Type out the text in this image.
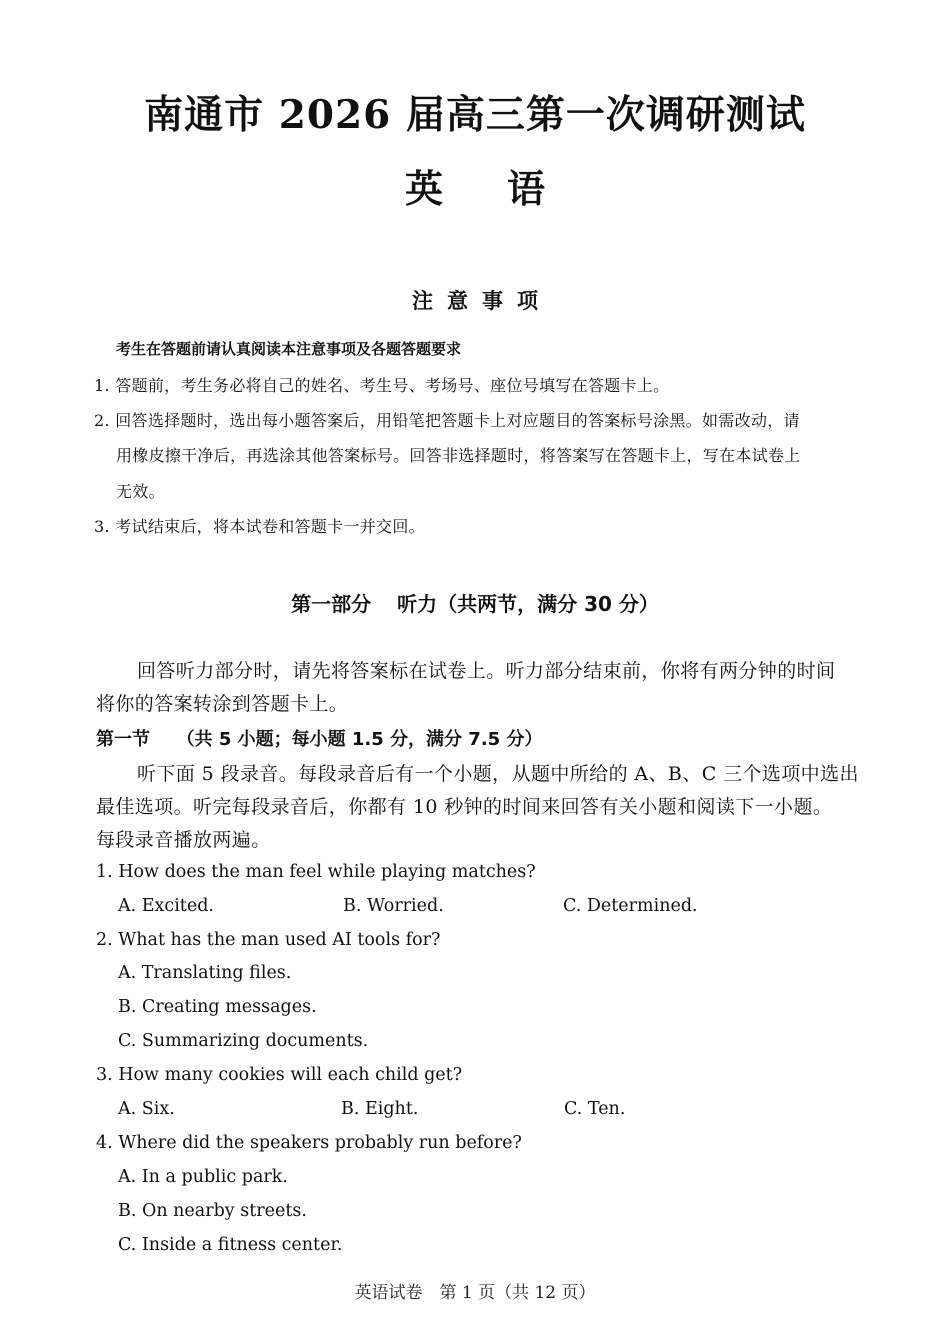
南通市 2026 届高三第一次调研测试
英语
注意事项
考生在答题前请认真阅读本注意事项及各题答题要求
1. 答题前，考生务必将自己的姓名、考生号、考场号、座位号填写在答题卡上。
2. 回答选择题时，选出每小题答案后，用铅笔把答题卡上对应题目的答案标号涂黑。如需改动，请
用橡皮擦干净后，再选涂其他答案标号。回答非选择题时，将答案写在答题卡上，写在本试卷上
无效。
3. 考试结束后，将本试卷和答题卡一并交回。
第一部分 听力（共两节，满分 30 分）
回答听力部分时，请先将答案标在试卷上。听力部分结束前，你将有两分钟的时间
将你的答案转涂到答题卡上。
第一节 （共 5 小题；每小题 1.5 分，满分 7.5 分）
听下面 5 段录音。每段录音后有一个小题，从题中所给的 A、B、C 三个选项中选出
最佳选项。听完每段录音后，你都有 10 秒钟的时间来回答有关小题和阅读下一小题。
每段录音播放两遍。
1. How does the man feel while playing matches?
A. Excited.	B. Worried.	C. Determined.
2. What has the man used AI tools for?
A. Translating files.
B. Creating messages.
C. Summarizing documents.
3. How many cookies will each child get?
A. Six.	B. Eight.	C. Ten.
4. Where did the speakers probably run before?
A. In a public park.
B. On nearby streets.
C. Inside a fitness center.
英语试卷　第 1 页（共 12 页）
